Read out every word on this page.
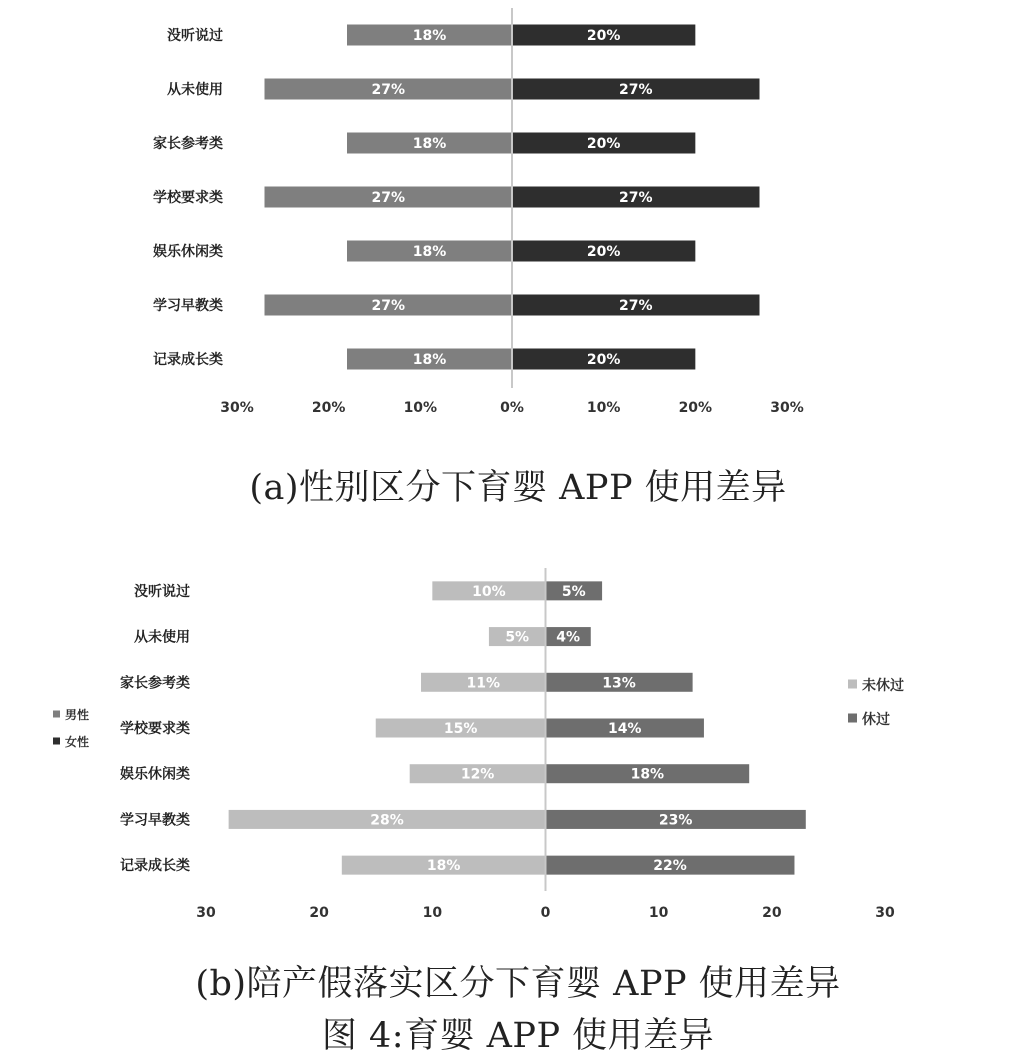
没听说过	18%	20%
从未使用	27%	27%
家长参考类	18%	20%
学校要求类	27%	27%
娱乐休闲类	18%	20%
学习早教类	27%	27%
记录成长类	18%	20%
30%	20%	10%	0%	10%	20%	30%
(a)性别区分下育婴 APP 使用差异
没听说过	10%	5%
从未使用	5% 4%
家长参考类	11%	13%
学校要求类	15%	14%
娱乐休闲类	12%	18%
学习早教类	28%	23%
记录成长类	18%	22%
30	20	10	0	10	20	30
未休过
休过
男性
女性
(b)陪产假落实区分下育婴 APP 使用差异
图 4:育婴 APP 使用差异
